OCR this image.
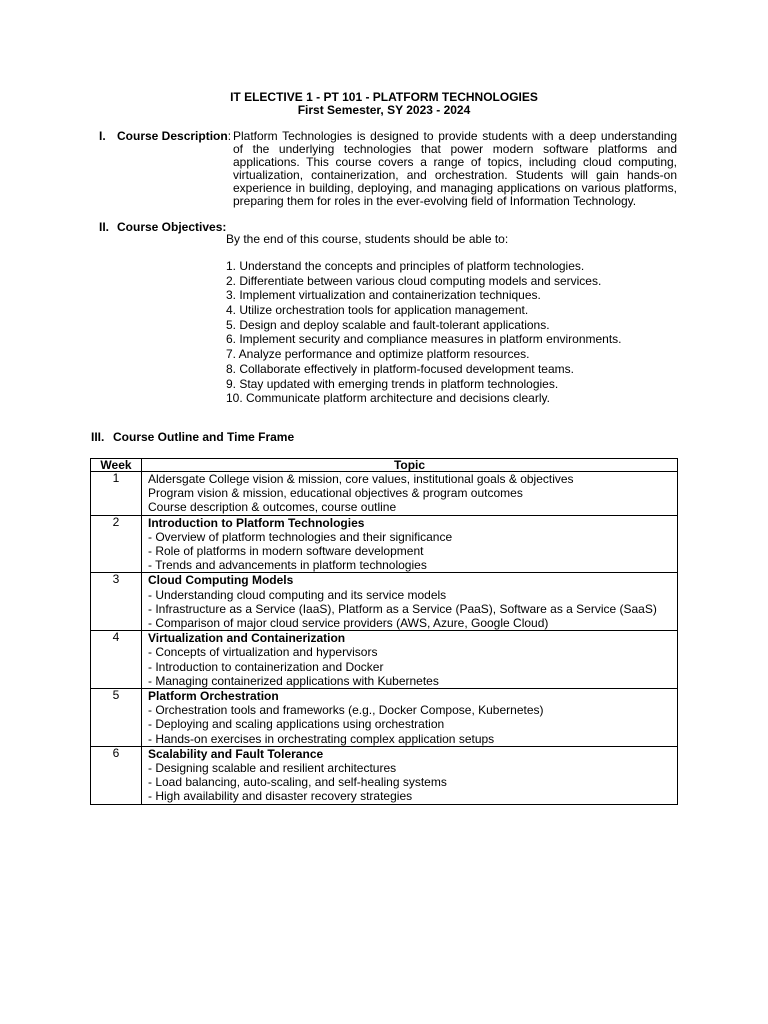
IT ELECTIVE 1 - PT 101 - PLATFORM TECHNOLOGIES
First Semester, SY 2023 - 2024
I. Course Description: Platform Technologies is designed to provide students with a deep understanding of the underlying technologies that power modern software platforms and applications. This course covers a range of topics, including cloud computing, virtualization, containerization, and orchestration. Students will gain hands-on experience in building, deploying, and managing applications on various platforms, preparing them for roles in the ever-evolving field of Information Technology.
II. Course Objectives:
By the end of this course, students should be able to:
1. Understand the concepts and principles of platform technologies.
2. Differentiate between various cloud computing models and services.
3. Implement virtualization and containerization techniques.
4. Utilize orchestration tools for application management.
5. Design and deploy scalable and fault-tolerant applications.
6. Implement security and compliance measures in platform environments.
7. Analyze performance and optimize platform resources.
8. Collaborate effectively in platform-focused development teams.
9. Stay updated with emerging trends in platform technologies.
10. Communicate platform architecture and decisions clearly.
III. Course Outline and Time Frame
Week	Topic
1	Aldersgate College vision & mission, core values, institutional goals & objectives
Program vision & mission, educational objectives & program outcomes
Course description & outcomes, course outline

2	Introduction to Platform Technologies
- Overview of platform technologies and their significance
- Role of platforms in modern software development
- Trends and advancements in platform technologies

3	Cloud Computing Models
- Understanding cloud computing and its service models
- Infrastructure as a Service (IaaS), Platform as a Service (PaaS), Software as a Service (SaaS)
- Comparison of major cloud service providers (AWS, Azure, Google Cloud)

4	Virtualization and Containerization
- Concepts of virtualization and hypervisors
- Introduction to containerization and Docker
- Managing containerized applications with Kubernetes

5	Platform Orchestration
- Orchestration tools and frameworks (e.g., Docker Compose, Kubernetes)
- Deploying and scaling applications using orchestration
- Hands-on exercises in orchestrating complex application setups

6	Scalability and Fault Tolerance
- Designing scalable and resilient architectures
- Load balancing, auto-scaling, and self-healing systems
- High availability and disaster recovery strategies
